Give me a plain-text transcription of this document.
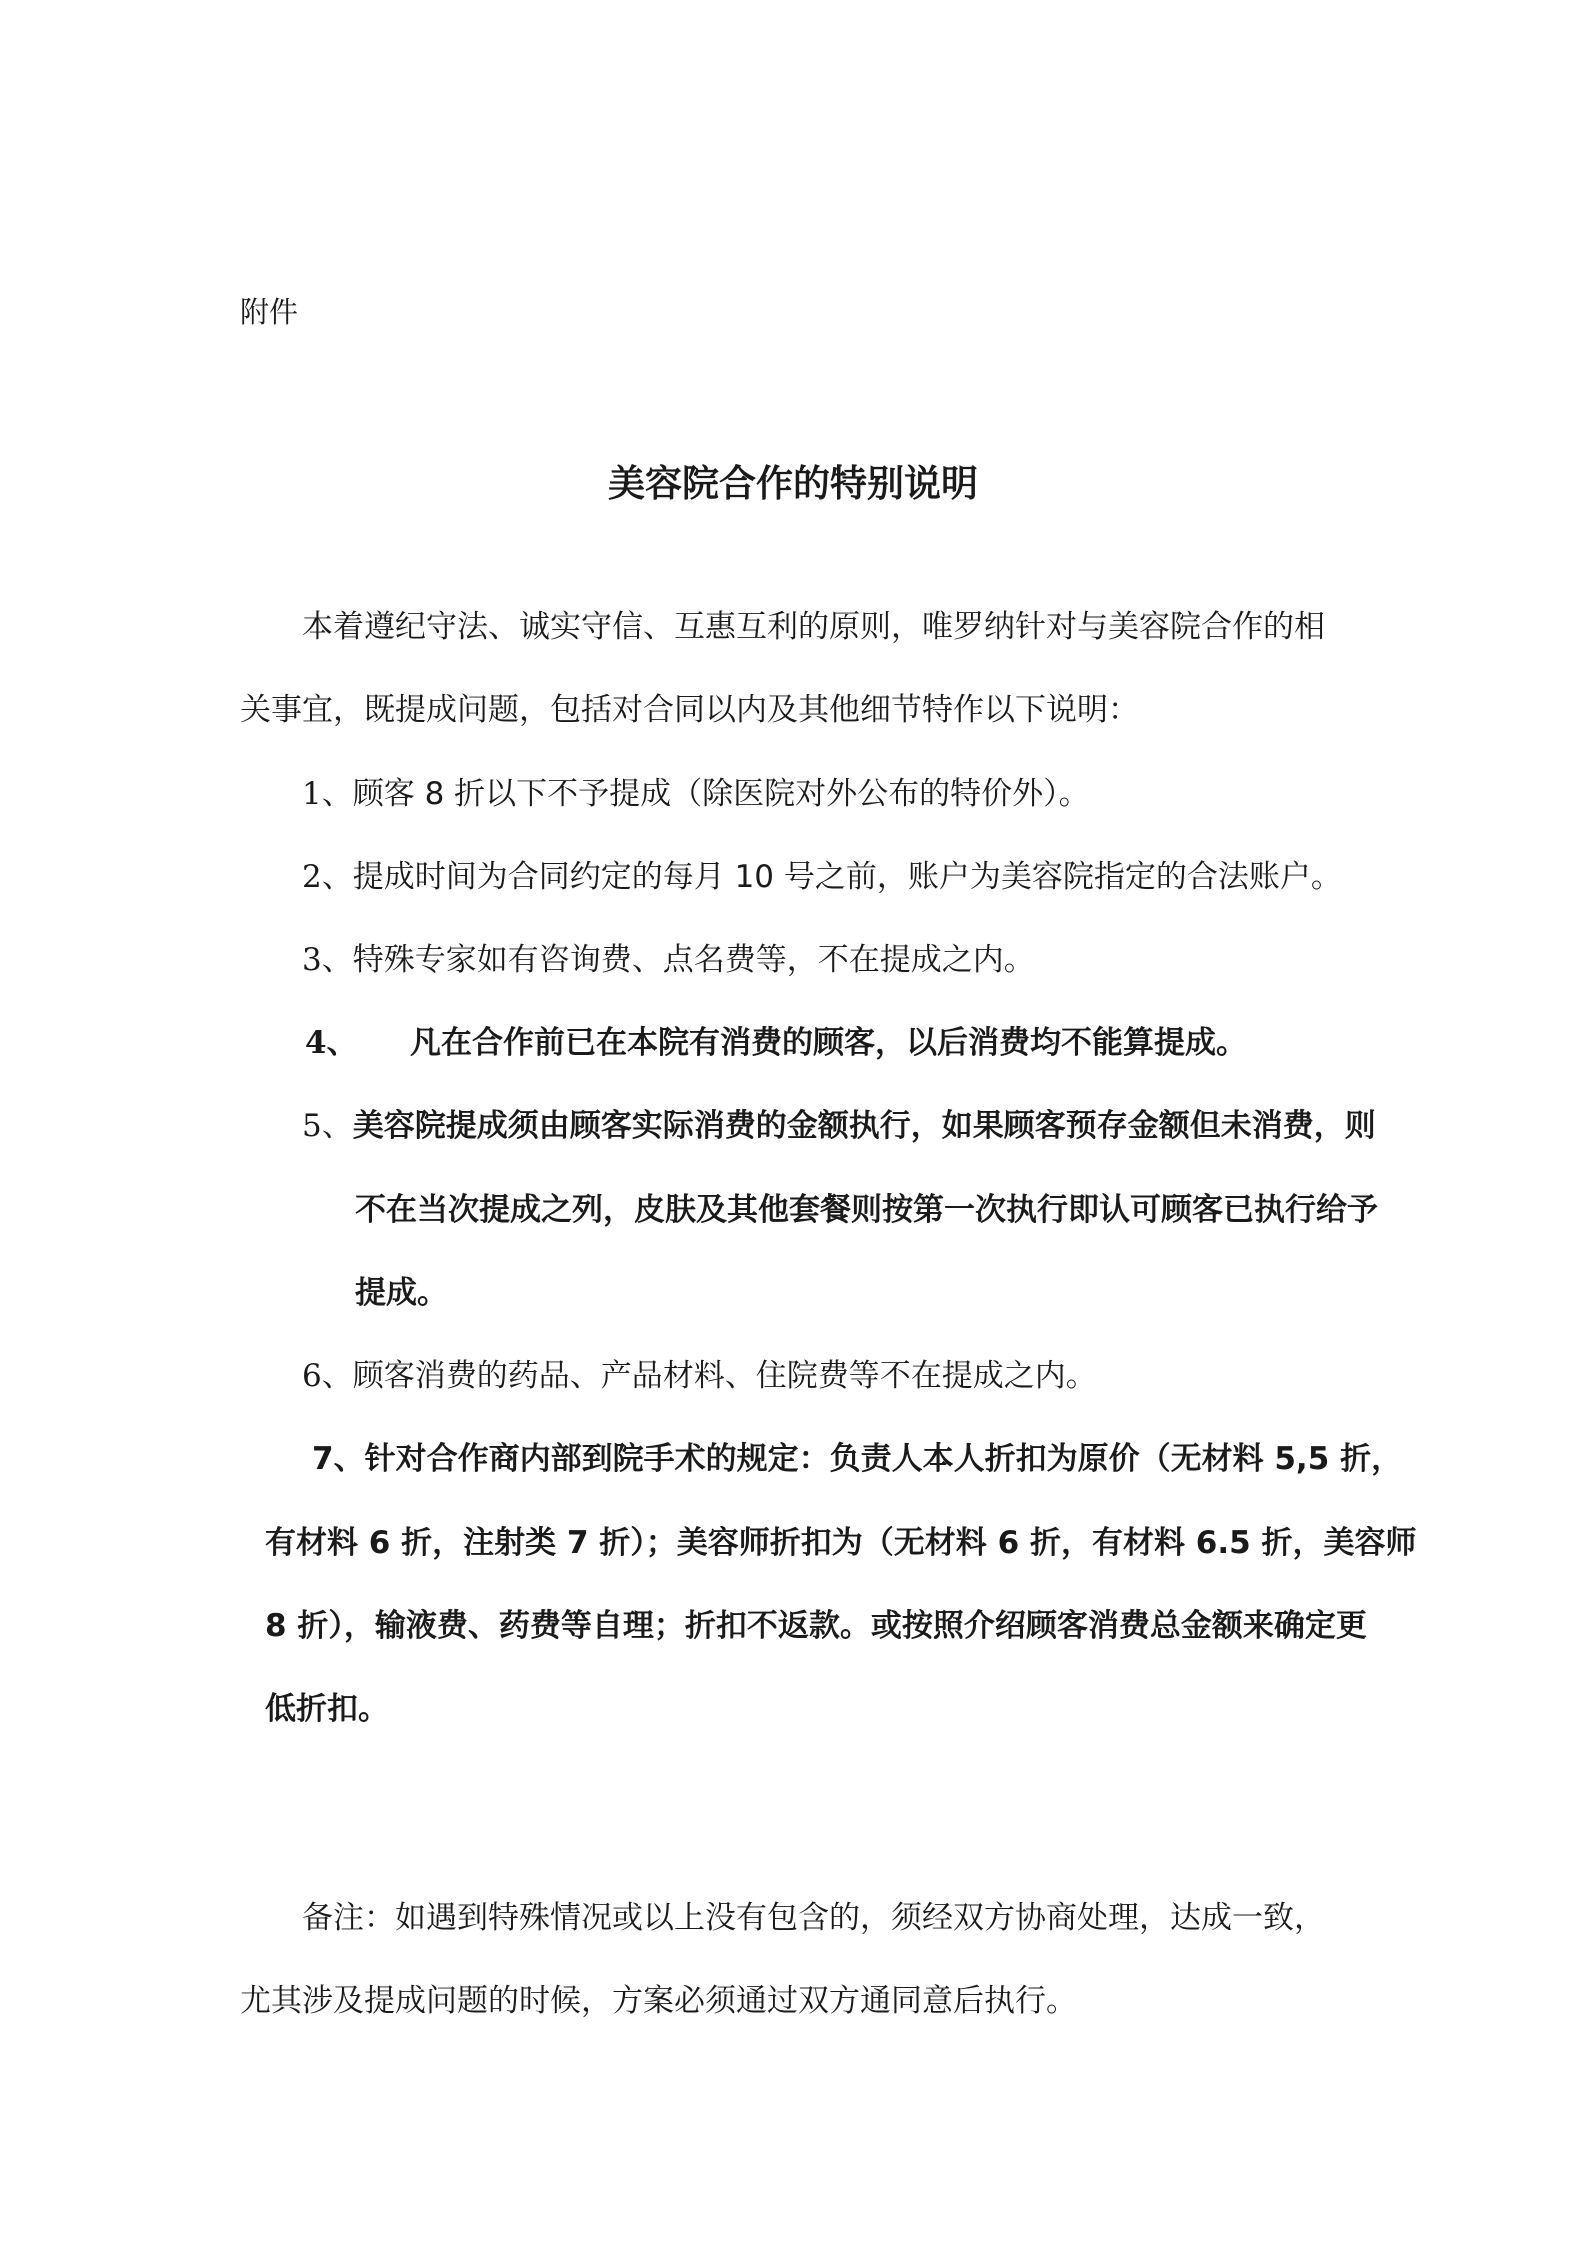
附件
美容院合作的特别说明
本着遵纪守法、诚实守信、互惠互利的原则，唯罗纳针对与美容院合作的相
关事宜，既提成问题，包括对合同以内及其他细节特作以下说明：
1、顾客 8 折以下不予提成（除医院对外公布的特价外）。
2、提成时间为合同约定的每月 10 号之前，账户为美容院指定的合法账户。
3、特殊专家如有咨询费、点名费等，不在提成之内。
4、 凡在合作前已在本院有消费的顾客，以后消费均不能算提成。
5、美容院提成须由顾客实际消费的金额执行，如果顾客预存金额但未消费，则
不在当次提成之列，皮肤及其他套餐则按第一次执行即认可顾客已执行给予
提成。
6、顾客消费的药品、产品材料、住院费等不在提成之内。
7、针对合作商内部到院手术的规定：负责人本人折扣为原价（无材料 5,5 折，
有材料 6 折，注射类 7 折）；美容师折扣为（无材料 6 折，有材料 6.5 折，美容师
8 折），输液费、药费等自理；折扣不返款。或按照介绍顾客消费总金额来确定更
低折扣。
备注：如遇到特殊情况或以上没有包含的，须经双方协商处理，达成一致，
尤其涉及提成问题的时候，方案必须通过双方通同意后执行。
